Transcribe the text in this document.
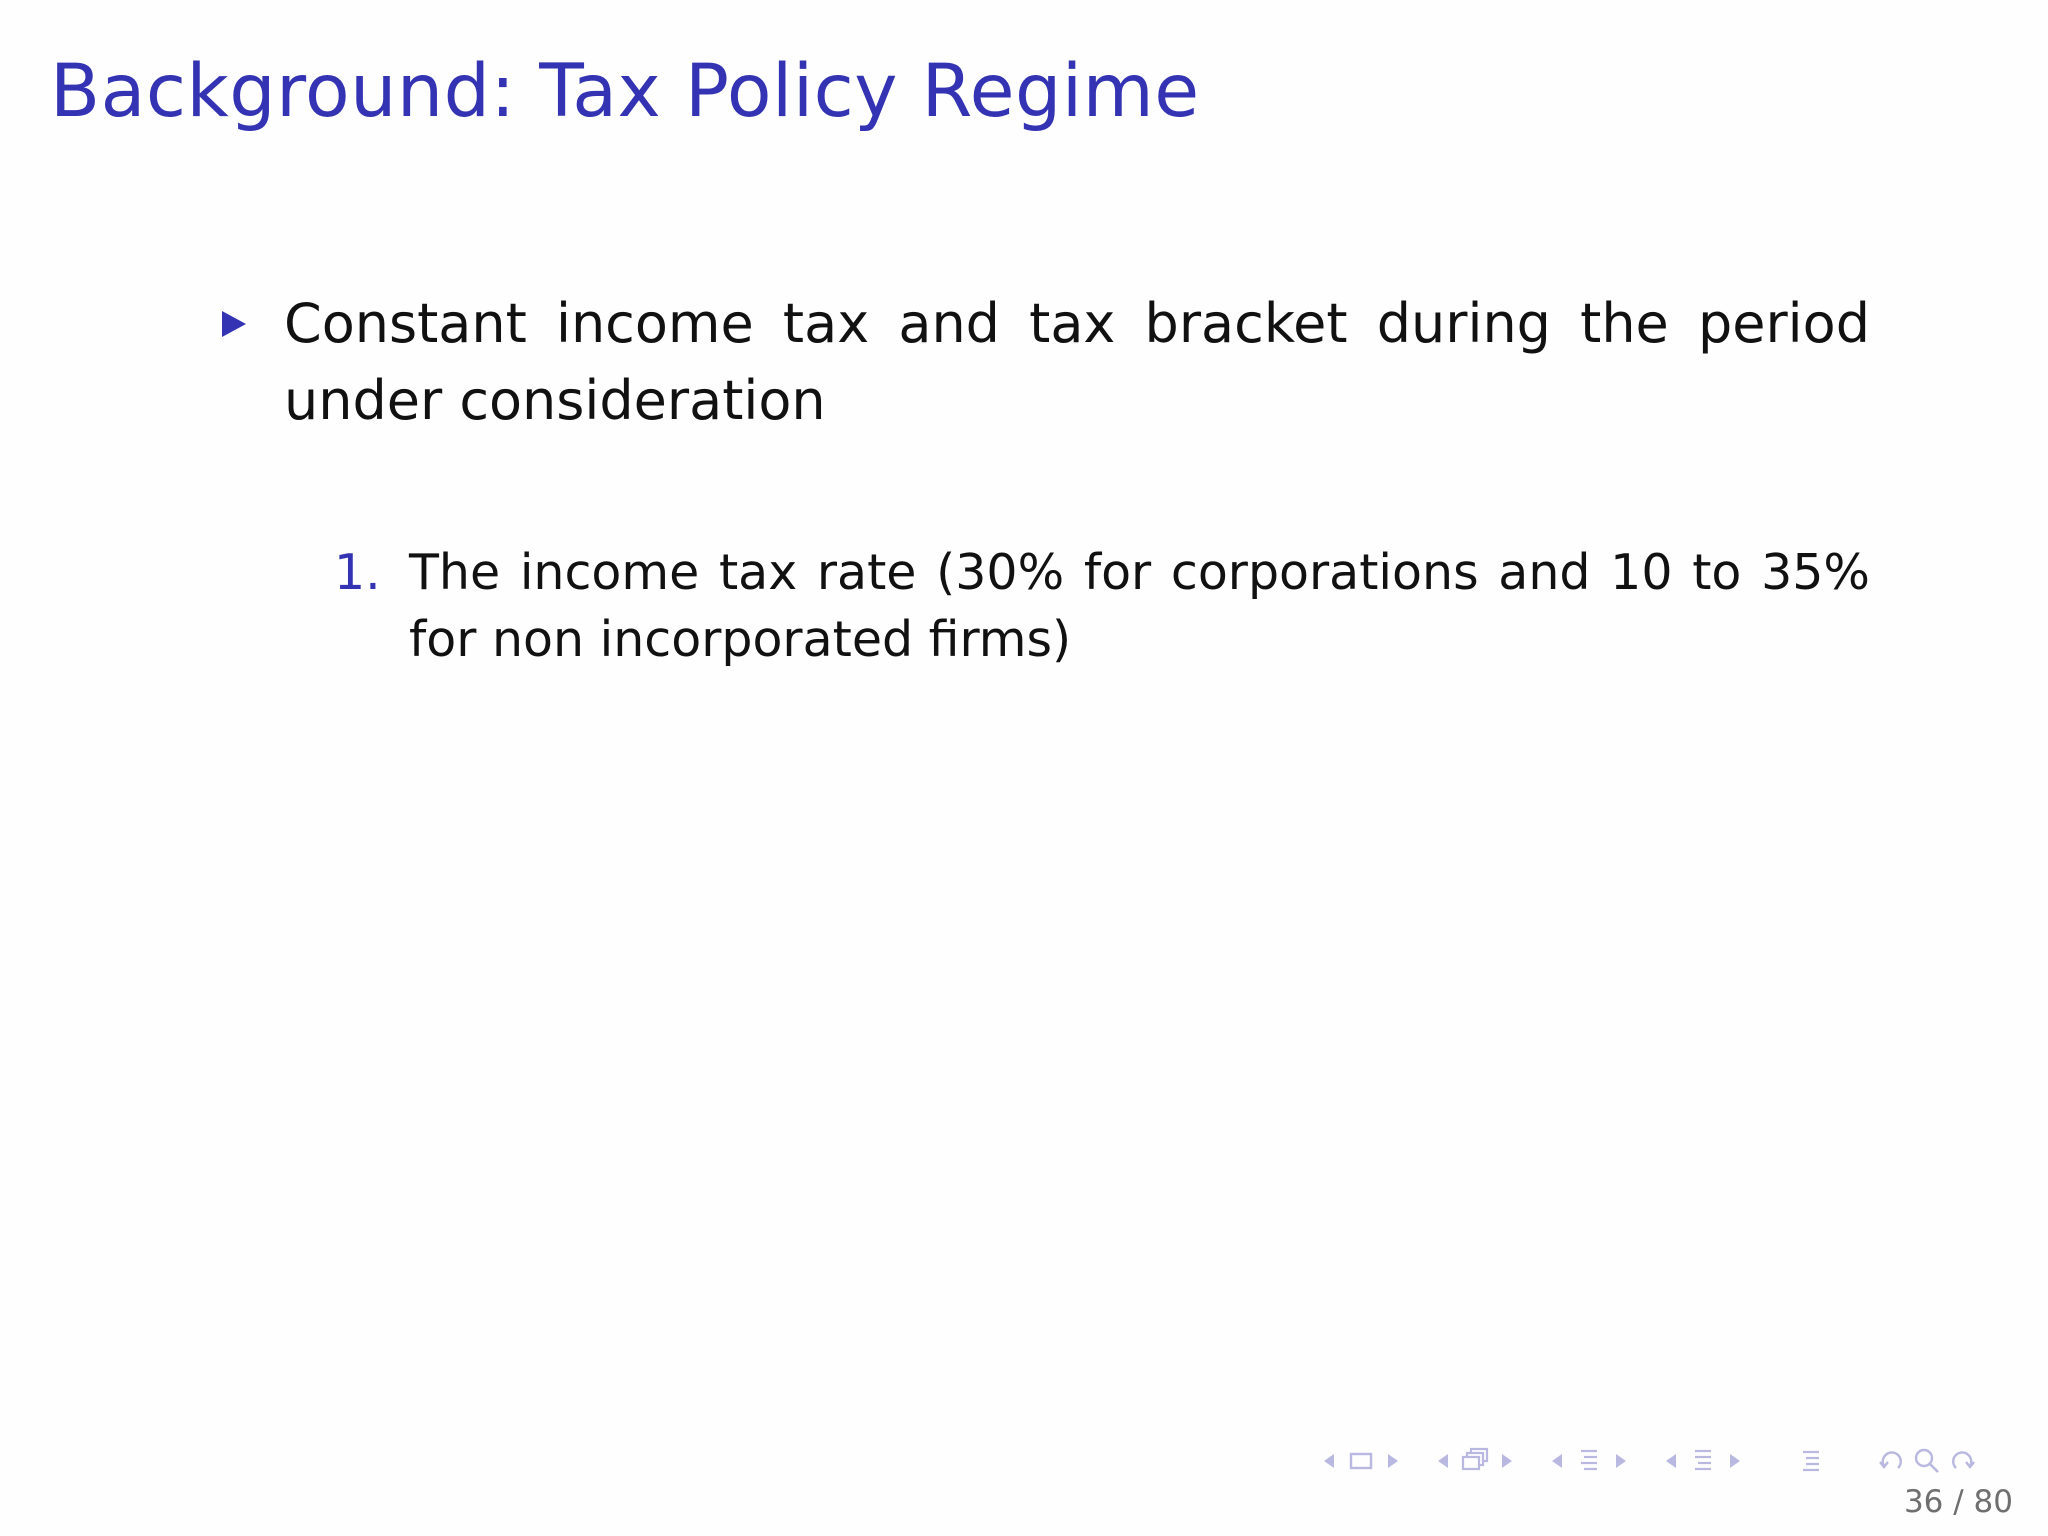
Background: Tax Policy Regime
Constant income tax and tax bracket during the period under consideration
1. The income tax rate (30% for corporations and 10 to 35% for non incorporated firms)
36 / 80
